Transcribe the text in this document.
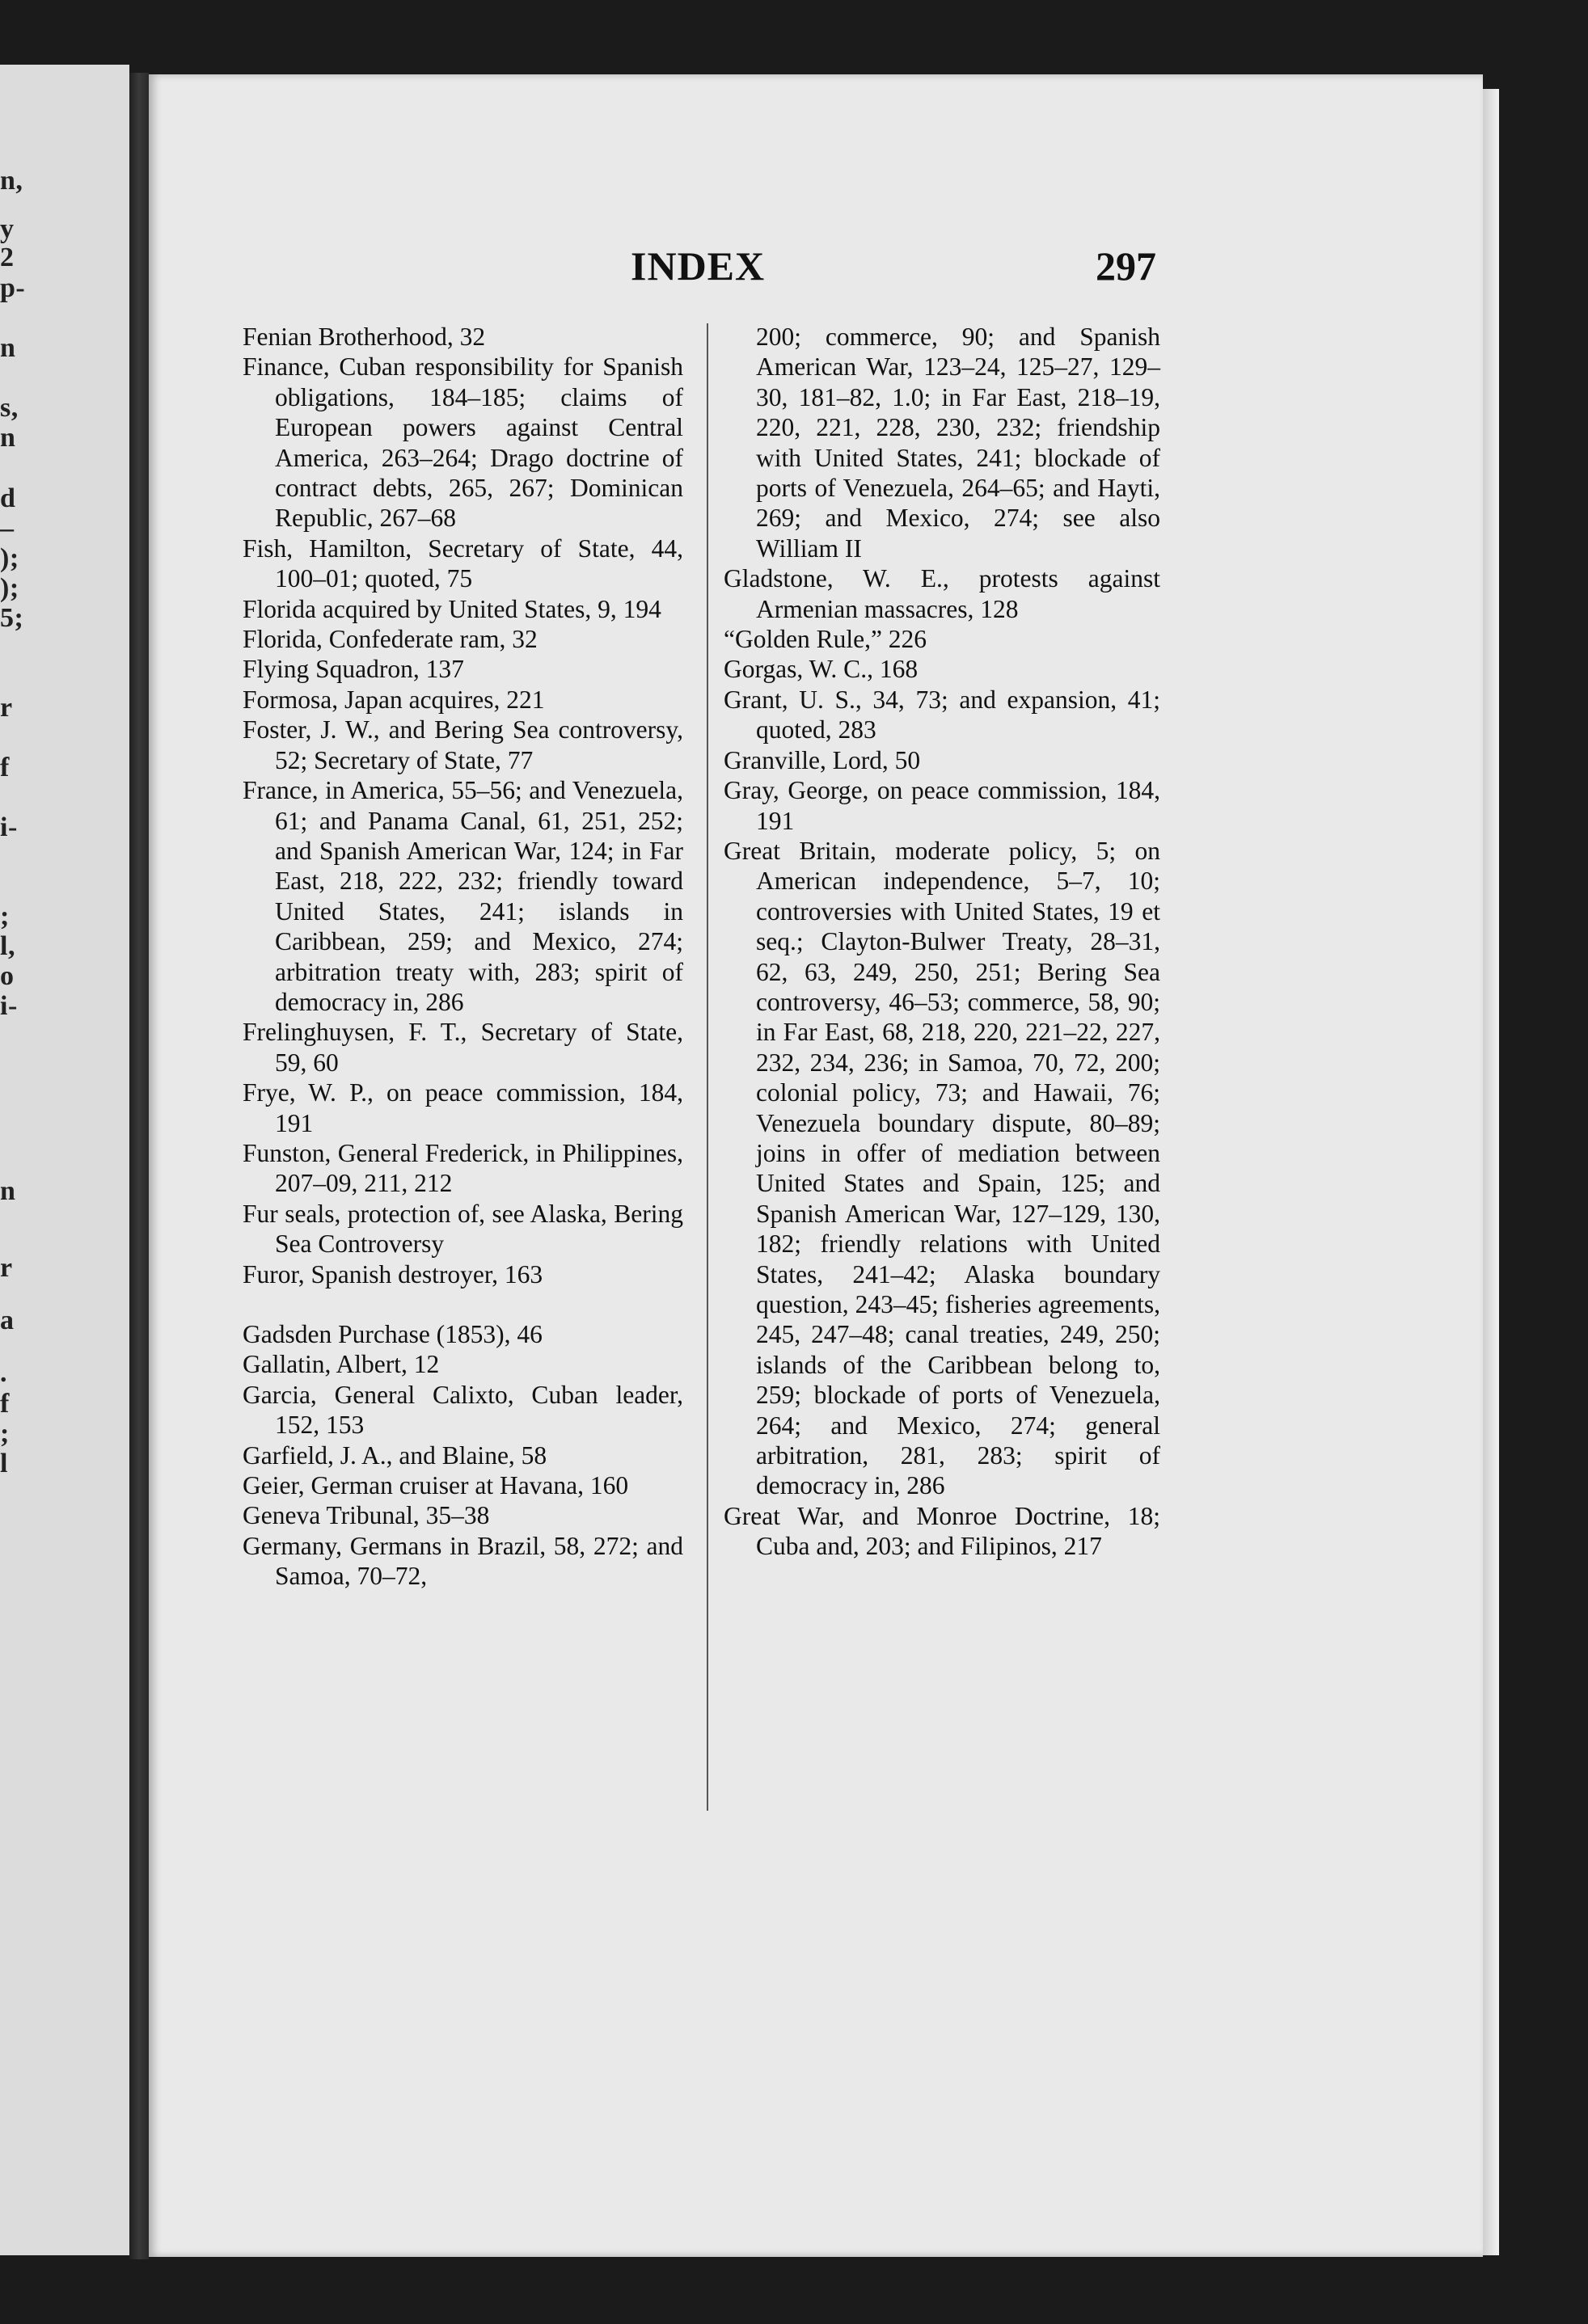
n,
y
2
p-
n
s,
n
d
–
);
);
5;
r
f
i-
;
l,
o
i-
n
r
a
.
f
;
l
INDEX	297
Fenian Brotherhood, 32
Finance, Cuban responsibility for Spanish obligations, 184–185; claims of European powers against Central America, 263–264; Drago doctrine of contract debts, 265, 267; Dominican Republic, 267–68
Fish, Hamilton, Secretary of State, 44, 100–01; quoted, 75
Florida acquired by United States, 9, 194
Florida, Confederate ram, 32
Flying Squadron, 137
Formosa, Japan acquires, 221
Foster, J. W., and Bering Sea controversy, 52; Secretary of State, 77
France, in America, 55–56; and Venezuela, 61; and Panama Canal, 61, 251, 252; and Spanish American War, 124; in Far East, 218, 222, 232; friendly toward United States, 241; islands in Caribbean, 259; and Mexico, 274; arbitration treaty with, 283; spirit of democracy in, 286
Frelinghuysen, F. T., Secretary of State, 59, 60
Frye, W. P., on peace commission, 184, 191
Funston, General Frederick, in Philippines, 207–09, 211, 212
Fur seals, protection of, see Alaska, Bering Sea Controversy
Furor, Spanish destroyer, 163
Gadsden Purchase (1853), 46
Gallatin, Albert, 12
Garcia, General Calixto, Cuban leader, 152, 153
Garfield, J. A., and Blaine, 58
Geier, German cruiser at Havana, 160
Geneva Tribunal, 35–38
Germany, Germans in Brazil, 58, 272; and Samoa, 70–72,
200; commerce, 90; and Spanish American War, 123–24, 125–27, 129–30, 181–82, 1.0; in Far East, 218–19, 220, 221, 228, 230, 232; friendship with United States, 241; blockade of ports of Venezuela, 264–65; and Hayti, 269; and Mexico, 274; see also William II
Gladstone, W. E., protests against Armenian massacres, 128
“Golden Rule,” 226
Gorgas, W. C., 168
Grant, U. S., 34, 73; and expansion, 41; quoted, 283
Granville, Lord, 50
Gray, George, on peace commission, 184, 191
Great Britain, moderate policy, 5; on American independence, 5–7, 10; controversies with United States, 19 et seq.; Clayton-Bulwer Treaty, 28–31, 62, 63, 249, 250, 251; Bering Sea controversy, 46–53; commerce, 58, 90; in Far East, 68, 218, 220, 221–22, 227, 232, 234, 236; in Samoa, 70, 72, 200; colonial policy, 73; and Hawaii, 76; Venezuela boundary dispute, 80–89; joins in offer of mediation between United States and Spain, 125; and Spanish American War, 127–129, 130, 182; friendly relations with United States, 241–42; Alaska boundary question, 243–45; fisheries agreements, 245, 247–48; canal treaties, 249, 250; islands of the Caribbean belong to, 259; blockade of ports of Venezuela, 264; and Mexico, 274; general arbitration, 281, 283; spirit of democracy in, 286
Great War, and Monroe Doctrine, 18; Cuba and, 203; and Filipinos, 217
